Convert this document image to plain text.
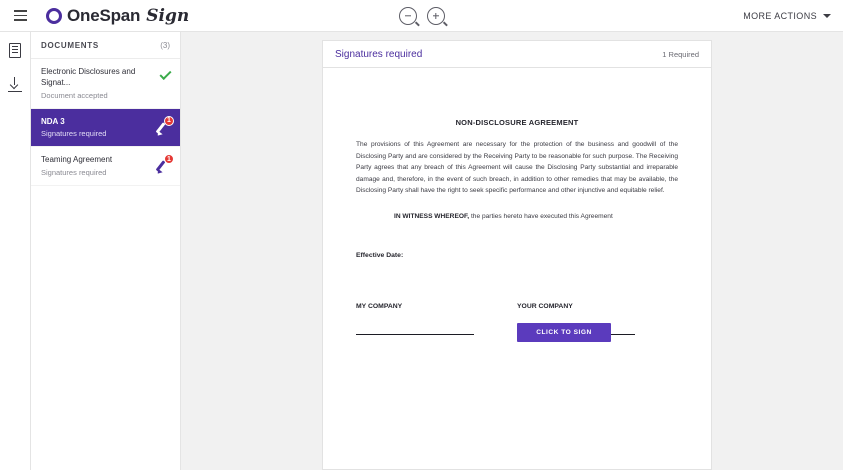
OneSpan Sign	MORE ACTIONS
DOCUMENTS	(3)
Electronic Disclosures and Signat...
Document accepted
NDA 3
Signatures required
1
Teaming Agreement
Signatures required
1
Signatures required	1 Required
NON-DISCLOSURE AGREEMENT
The provisions of this Agreement are necessary for the protection of the business and goodwill of the Disclosing Party and are considered by the Receiving Party to be reasonable for such purpose. The Receiving Party agrees that any breach of this Agreement will cause the Disclosing Party substantial and irreparable damage and, therefore, in the event of such breach, in addition to other remedies that may be available, the Disclosing Party shall have the right to seek specific performance and other injunctive and equitable relief.
IN WITNESS WHEREOF, the parties hereto have executed this Agreement
Effective Date:
MY COMPANY	YOUR COMPANY
CLICK TO SIGN
